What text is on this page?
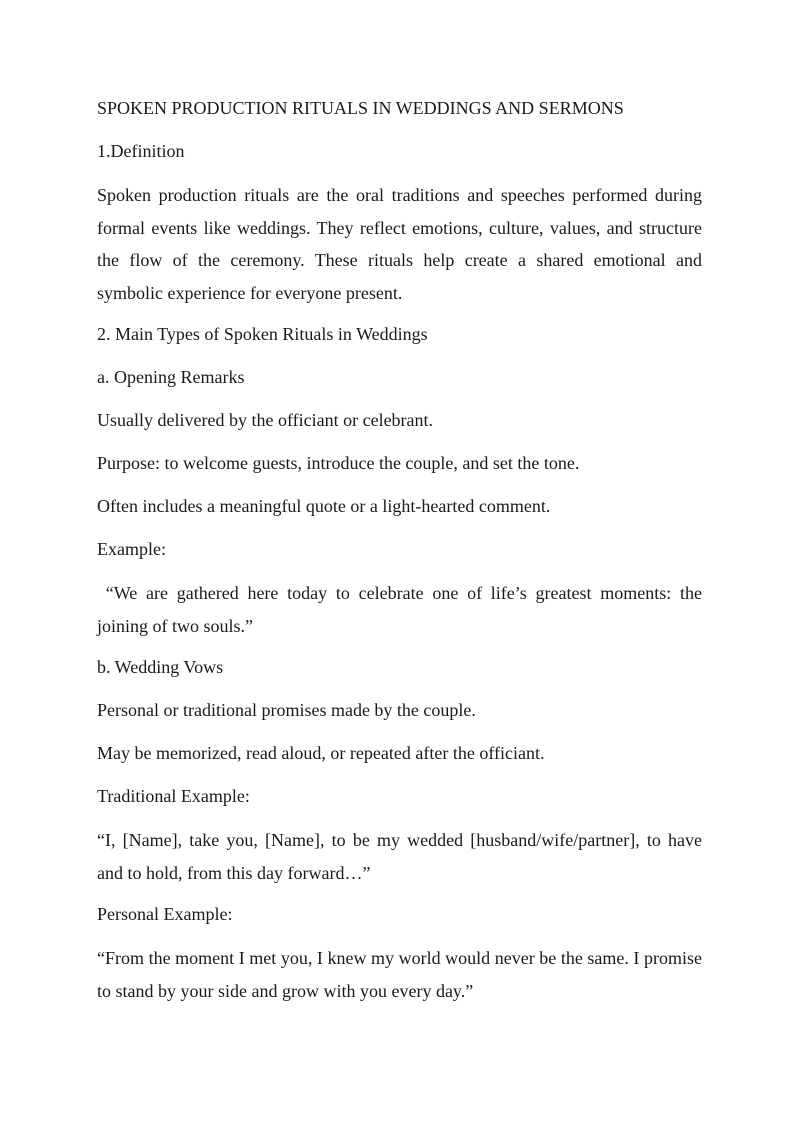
SPOKEN PRODUCTION RITUALS IN WEDDINGS AND SERMONS

1.Definition

Spoken production rituals are the oral traditions and speeches performed during formal events like weddings. They reflect emotions, culture, values, and structure the flow of the ceremony. These rituals help create a shared emotional and symbolic experience for everyone present.

2. Main Types of Spoken Rituals in Weddings

a. Opening Remarks

Usually delivered by the officiant or celebrant.

Purpose: to welcome guests, introduce the couple, and set the tone.

Often includes a meaningful quote or a light-hearted comment.

Example:

“We are gathered here today to celebrate one of life’s greatest moments: the joining of two souls.”

b. Wedding Vows

Personal or traditional promises made by the couple.

May be memorized, read aloud, or repeated after the officiant.

Traditional Example:

“I, [Name], take you, [Name], to be my wedded [husband/wife/partner], to have and to hold, from this day forward…”

Personal Example:

“From the moment I met you, I knew my world would never be the same. I promise to stand by your side and grow with you every day.”
